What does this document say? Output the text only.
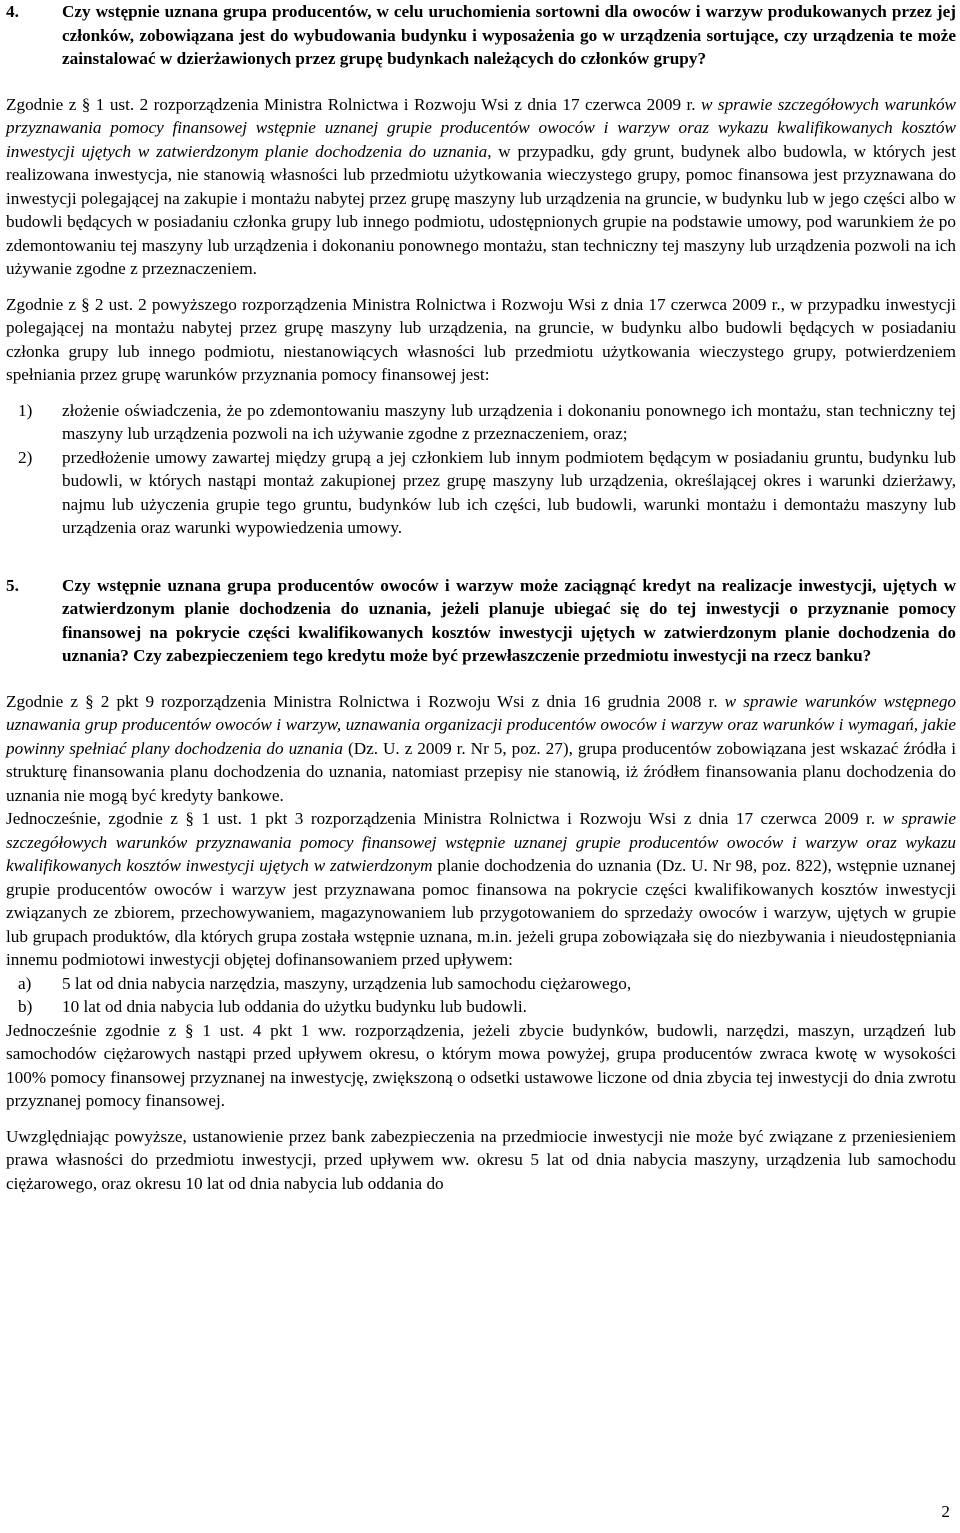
4.	Czy wstępnie uznana grupa producentów, w celu uruchomienia sortowni dla owoców i warzyw produkowanych przez jej członków, zobowiązana jest do wybudowania budynku i wyposażenia go w urządzenia sortujące, czy urządzenia te może zainstalować w dzierżawionych przez grupę budynkach należących do członków grupy?

Zgodnie z § 1 ust. 2 rozporządzenia Ministra Rolnictwa i Rozwoju Wsi z dnia 17 czerwca 2009 r. w sprawie szczegółowych warunków przyznawania pomocy finansowej wstępnie uznanej grupie producentów owoców i warzyw oraz wykazu kwalifikowanych kosztów inwestycji ujętych w zatwierdzonym planie dochodzenia do uznania, w przypadku, gdy grunt, budynek albo budowla, w których jest realizowana inwestycja, nie stanowią własności lub przedmiotu użytkowania wieczystego grupy, pomoc finansowa jest przyznawana do inwestycji polegającej na zakupie i montażu nabytej przez grupę maszyny lub urządzenia na gruncie, w budynku lub w jego części albo w budowli będących w posiadaniu członka grupy lub innego podmiotu, udostępnionych grupie na podstawie umowy, pod warunkiem że po zdemontowaniu tej maszyny lub urządzenia i dokonaniu ponownego montażu, stan techniczny tej maszyny lub urządzenia pozwoli na ich używanie zgodne z przeznaczeniem.

Zgodnie z § 2 ust. 2 powyższego rozporządzenia Ministra Rolnictwa i Rozwoju Wsi z dnia 17 czerwca 2009 r., w przypadku inwestycji polegającej na montażu nabytej przez grupę maszyny lub urządzenia, na gruncie, w budynku albo budowli będących w posiadaniu członka grupy lub innego podmiotu, niestanowiących własności lub przedmiotu użytkowania wieczystego grupy, potwierdzeniem spełniania przez grupę warunków przyznania pomocy finansowej jest:

1) złożenie oświadczenia, że po zdemontowaniu maszyny lub urządzenia i dokonaniu ponownego ich montażu, stan techniczny tej maszyny lub urządzenia pozwoli na ich używanie zgodne z przeznaczeniem, oraz;
2) przedłożenie umowy zawartej między grupą a jej członkiem lub innym podmiotem będącym w posiadaniu gruntu, budynku lub budowli, w których nastąpi montaż zakupionej przez grupę maszyny lub urządzenia, określającej okres i warunki dzierżawy, najmu lub użyczenia grupie tego gruntu, budynków lub ich części, lub budowli, warunki montażu i demontażu maszyny lub urządzenia oraz warunki wypowiedzenia umowy.
5.	Czy wstępnie uznana grupa producentów owoców i warzyw może zaciągnąć kredyt na realizacje inwestycji, ujętych w zatwierdzonym planie dochodzenia do uznania, jeżeli planuje ubiegać się do tej inwestycji o przyznanie pomocy finansowej na pokrycie części kwalifikowanych kosztów inwestycji ujętych w zatwierdzonym planie dochodzenia do uznania? Czy zabezpieczeniem tego kredytu może być przewłaszczenie przedmiotu inwestycji na rzecz banku?

Zgodnie z § 2 pkt 9 rozporządzenia Ministra Rolnictwa i Rozwoju Wsi z dnia 16 grudnia 2008 r. w sprawie warunków wstępnego uznawania grup producentów owoców i warzyw, uznawania organizacji producentów owoców i warzyw oraz warunków i wymagań, jakie powinny spełniać plany dochodzenia do uznania (Dz. U. z 2009 r. Nr 5, poz. 27), grupa producentów zobowiązana jest wskazać źródła i strukturę finansowania planu dochodzenia do uznania, natomiast przepisy nie stanowią, iż źródłem finansowania planu dochodzenia do uznania nie mogą być kredyty bankowe.

Jednocześnie, zgodnie z § 1 ust. 1 pkt 3 rozporządzenia Ministra Rolnictwa i Rozwoju Wsi z dnia 17 czerwca 2009 r. w sprawie szczegółowych warunków przyznawania pomocy finansowej wstępnie uznanej grupie producentów owoców i warzyw oraz wykazu kwalifikowanych kosztów inwestycji ujętych w zatwierdzonym planie dochodzenia do uznania (Dz. U. Nr 98, poz. 822), wstępnie uznanej grupie producentów owoców i warzyw jest przyznawana pomoc finansowa na pokrycie części kwalifikowanych kosztów inwestycji związanych ze zbiorem, przechowywaniem, magazynowaniem lub przygotowaniem do sprzedaży owoców i warzyw, ujętych w grupie lub grupach produktów, dla których grupa została wstępnie uznana, m.in. jeżeli grupa zobowiązała się do niezbywania i nieudostępniania innemu podmiotowi inwestycji objętej dofinansowaniem przed upływem:

a) 5 lat od dnia nabycia narzędzia, maszyny, urządzenia lub samochodu ciężarowego,
b) 10 lat od dnia nabycia lub oddania do użytku budynku lub budowli.

Jednocześnie zgodnie z § 1 ust. 4 pkt 1 ww. rozporządzenia, jeżeli zbycie budynków, budowli, narzędzi, maszyn, urządzeń lub samochodów ciężarowych nastąpi przed upływem okresu, o którym mowa powyżej, grupa producentów zwraca kwotę w wysokości 100% pomocy finansowej przyznanej na inwestycję, zwiększoną o odsetki ustawowe liczone od dnia zbycia tej inwestycji do dnia zwrotu przyznanej pomocy finansowej.

Uwzględniając powyższe, ustanowienie przez bank zabezpieczenia na przedmiocie inwestycji nie może być związane z przeniesieniem prawa własności do przedmiotu inwestycji, przed upływem ww. okresu 5 lat od dnia nabycia maszyny, urządzenia lub samochodu ciężarowego, oraz okresu 10 lat od dnia nabycia lub oddania do

2
